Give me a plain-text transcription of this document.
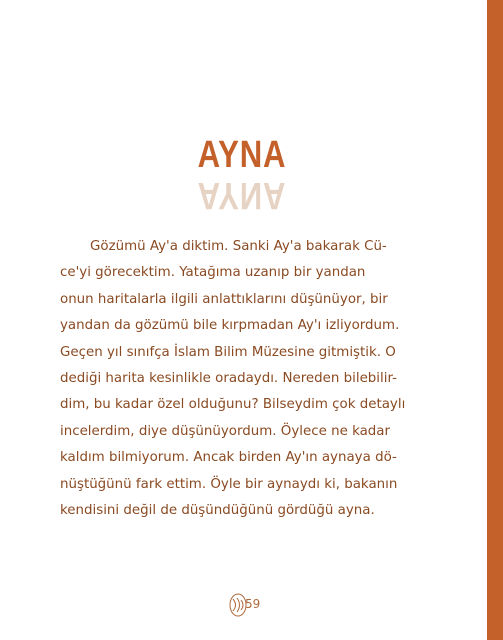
AYNA
AYNA
Gözümü Ay'a diktim. Sanki Ay'a bakarak Cü-
ce'yi görecektim. Yatağıma uzanıp bir yandan
onun haritalarla ilgili anlattıklarını düşünüyor, bir
yandan da gözümü bile kırpmadan Ay'ı izliyordum.
Geçen yıl sınıfça İslam Bilim Müzesine gitmiştik. O
dediği harita kesinlikle oradaydı. Nereden bilebilir-
dim, bu kadar özel olduğunu? Bilseydim çok detaylı
incelerdim, diye düşünüyordum. Öylece ne kadar
kaldım bilmiyorum. Ancak birden Ay'ın aynaya dö-
nüştüğünü fark ettim. Öyle bir aynaydı ki, bakanın
kendisini değil de düşündüğünü gördüğü ayna.
59
